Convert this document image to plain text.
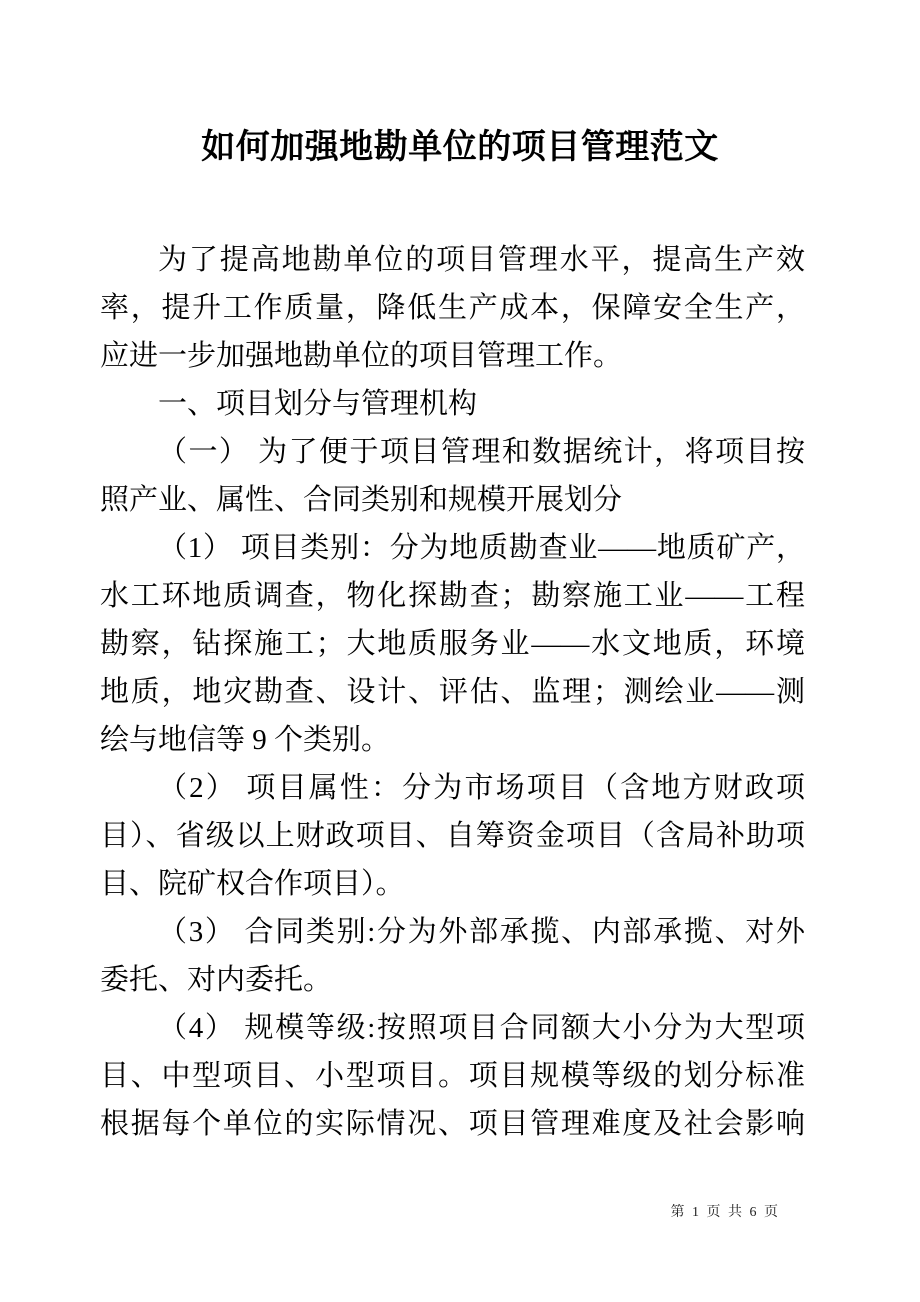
如何加强地勘单位的项目管理范文
为了提高地勘单位的项目管理水平，提高生产效
率，提升工作质量，降低生产成本，保障安全生产，
应进一步加强地勘单位的项目管理工作。
一、项目划分与管理机构
（一） 为了便于项目管理和数据统计，将项目按
照产业、属性、合同类别和规模开展划分
（1） 项目类别：分为地质勘查业——地质矿产，
水工环地质调查，物化探勘查；勘察施工业——工程
勘察，钻探施工；大地质服务业——水文地质，环境
地质，地灾勘查、设计、评估、监理；测绘业——测
绘与地信等 9 个类别。
（2） 项目属性：分为市场项目（含地方财政项
目）、省级以上财政项目、自筹资金项目（含局补助项
目、院矿权合作项目）。
（3） 合同类别:分为外部承揽、内部承揽、对外
委托、对内委托。
（4） 规模等级:按照项目合同额大小分为大型项
目、中型项目、小型项目。项目规模等级的划分标准
根据每个单位的实际情况、项目管理难度及社会影响
第 1 页 共 6 页
